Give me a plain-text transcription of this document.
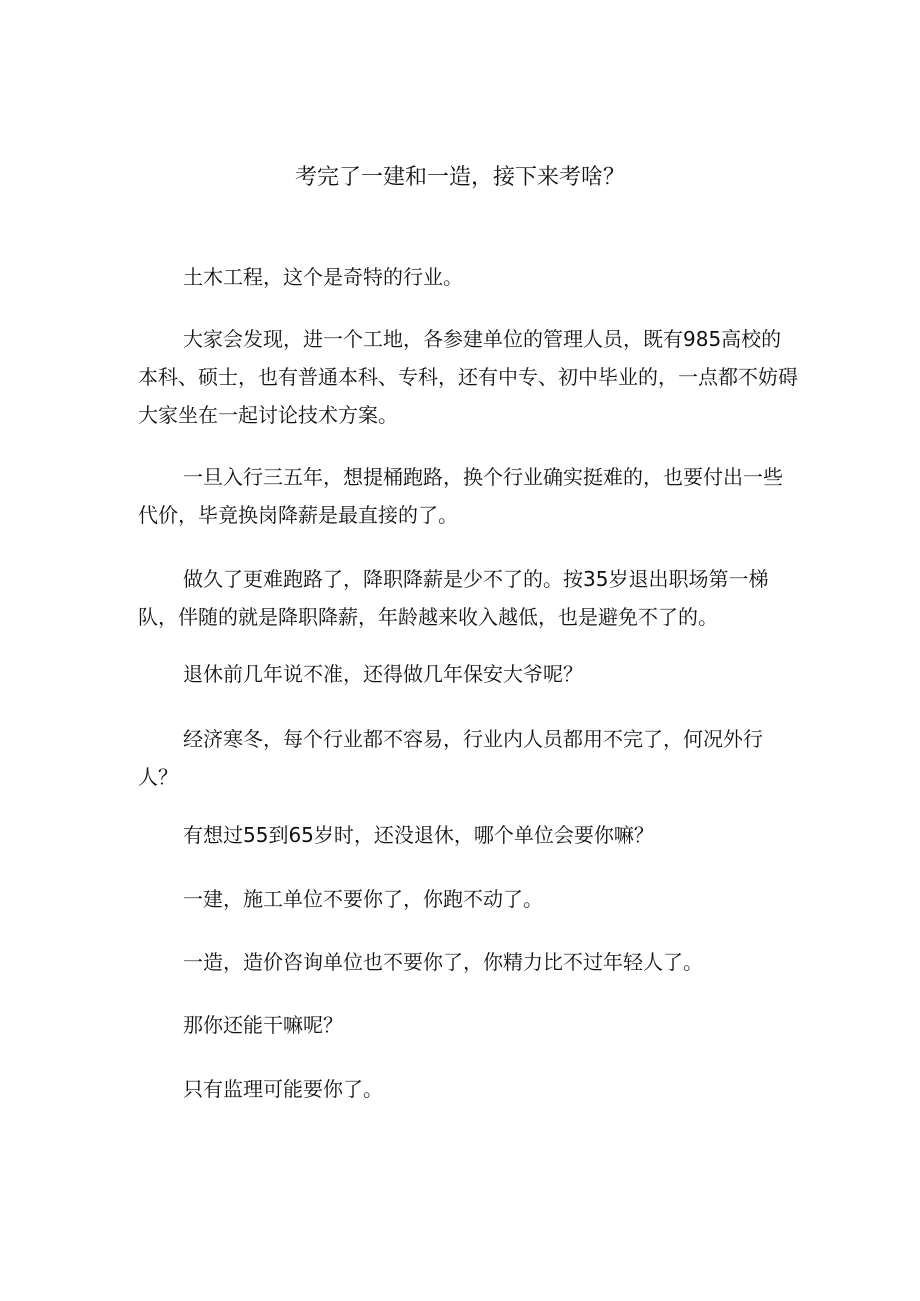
考完了一建和一造，接下来考啥？

土木工程，这个是奇特的行业。

大家会发现，进一个工地，各参建单位的管理人员，既有985高校的本科、硕士，也有普通本科、专科，还有中专、初中毕业的，一点都不妨碍大家坐在一起讨论技术方案。

一旦入行三五年，想提桶跑路，换个行业确实挺难的，也要付出一些代价，毕竟换岗降薪是最直接的了。

做久了更难跑路了，降职降薪是少不了的。按35岁退出职场第一梯队，伴随的就是降职降薪，年龄越来收入越低，也是避免不了的。

退休前几年说不准，还得做几年保安大爷呢？

经济寒冬，每个行业都不容易，行业内人员都用不完了，何况外行人？

有想过55到65岁时，还没退休，哪个单位会要你嘛？

一建，施工单位不要你了，你跑不动了。

一造，造价咨询单位也不要你了，你精力比不过年轻人了。

那你还能干嘛呢？

只有监理可能要你了。
